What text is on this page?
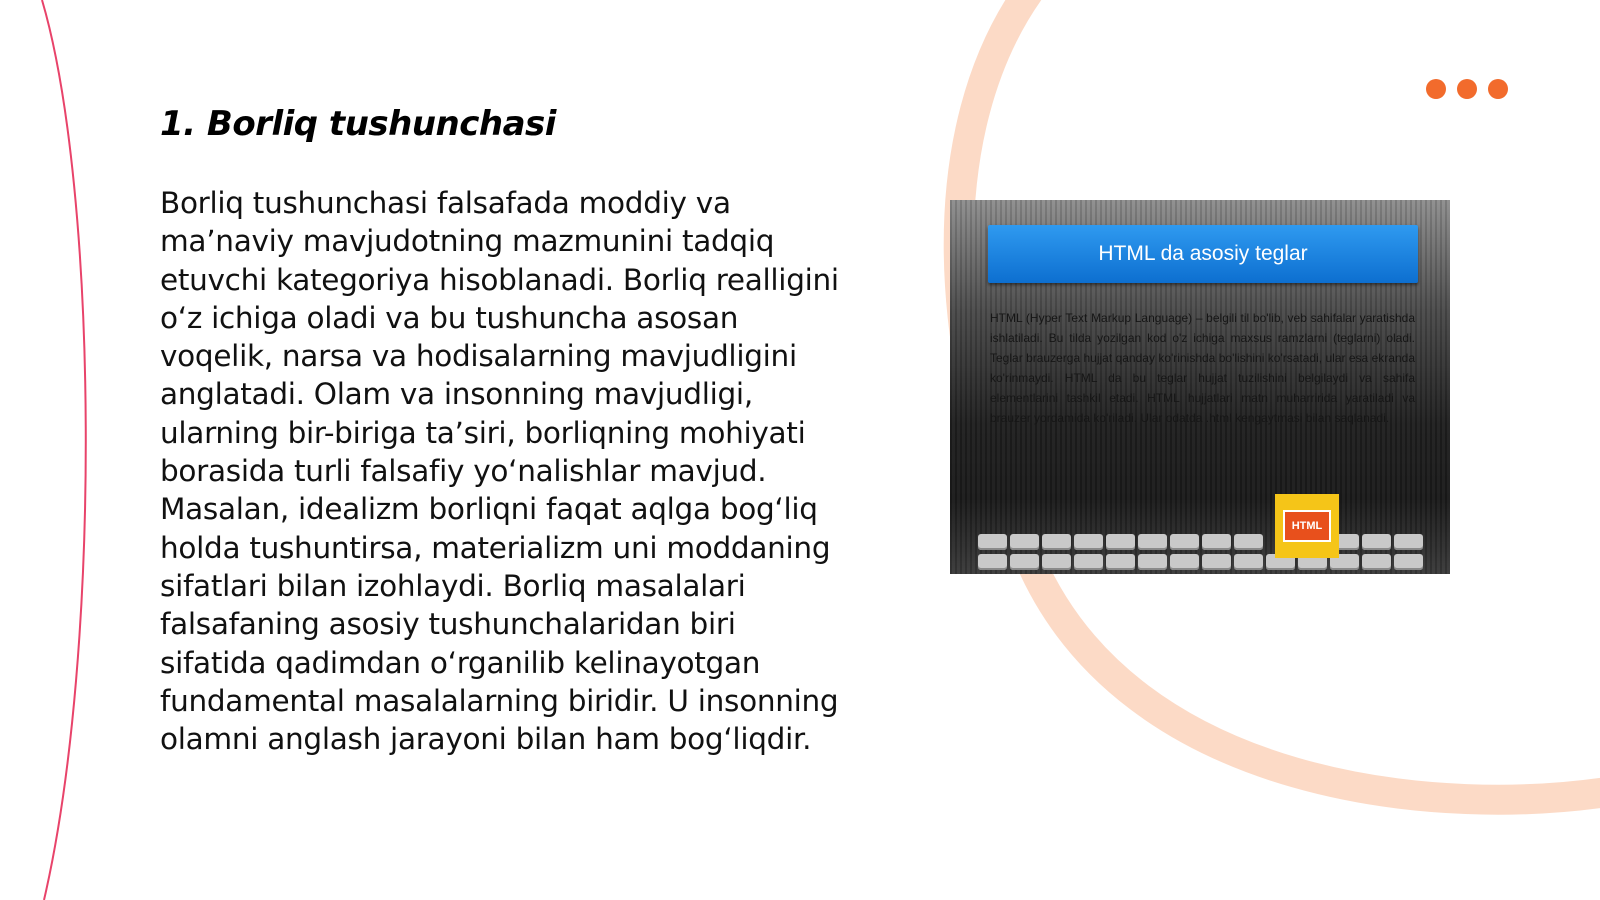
1. Borliq tushunchasi

Borliq tushunchasi falsafada moddiy va ma’naviy mavjudotning mazmunini tadqiq etuvchi kategoriya hisoblanadi. Borliq realligini o‘z ichiga oladi va bu tushuncha asosan voqelik, narsa va hodisalarning mavjudligini anglatadi. Olam va insonning mavjudligi, ularning bir-biriga ta’siri, borliqning mohiyati borasida turli falsafiy yo‘nalishlar mavjud. Masalan, idealizm borliqni faqat aqlga bog‘liq holda tushuntirsa, materializm uni moddaning sifatlari bilan izohlaydi. Borliq masalalari falsafaning asosiy tushunchalaridan biri sifatida qadimdan o‘rganilib kelinayotgan fundamental masalalarning biridir. U insonning olamni anglash jarayoni bilan ham bog‘liqdir.

HTML da asosiy teglar

HTML (Hyper Text Markup Language) – belgili til bo'lib, veb sahifalar yaratishda ishlatiladi. Bu tilda yozilgan kod o'z ichiga maxsus ramzlarni (teglarni) oladi. Teglar brauzerga hujjat qanday ko'rinishda bo'lishini ko'rsatadi, ular esa ekranda ko'rinmaydi. HTML da bu teglar hujjat tuzilishini belgilaydi va sahifa elementlarini tashkil etadi. HTML hujjatlari matn muharririda yaratiladi va brauzer yordamida ko'riladi. Ular odatda .html kengaytmasi bilan saqlanadi.

HTML
